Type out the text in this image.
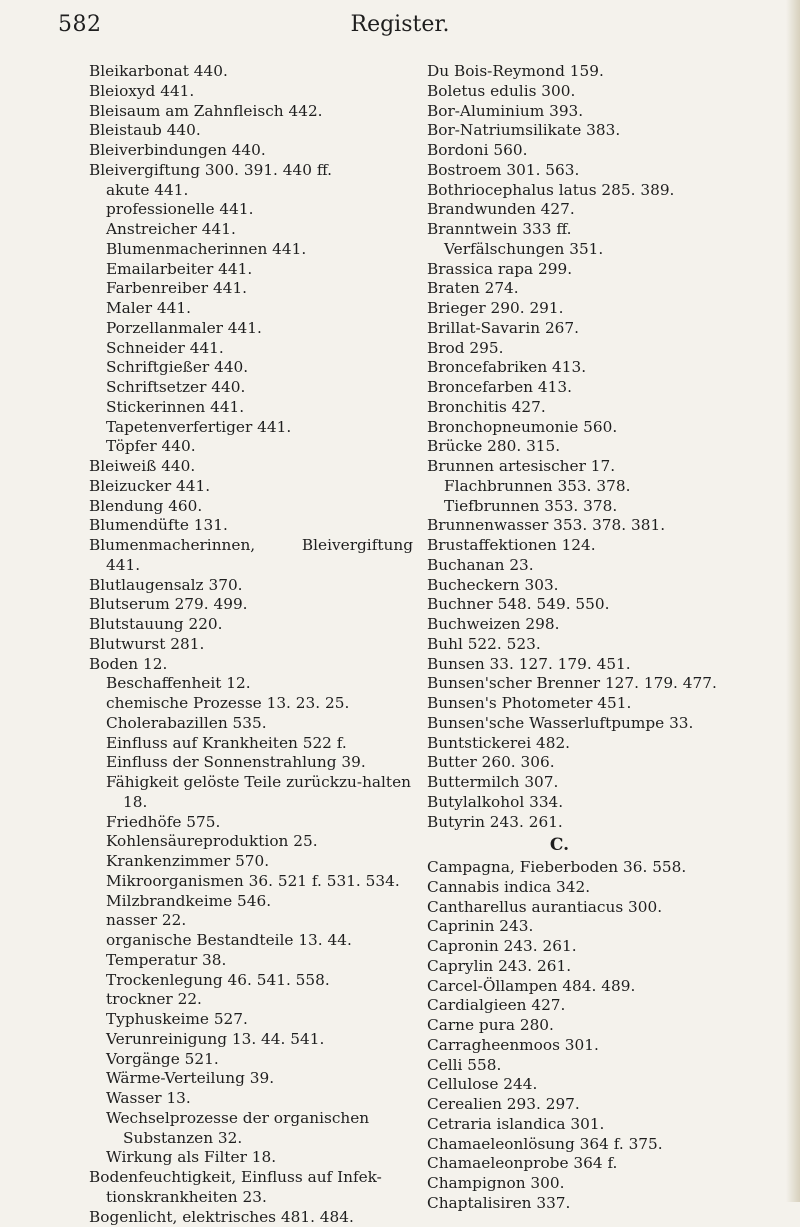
582	Register.
Bleikarbonat 440.
Bleioxyd 441.
Bleisaum am Zahnfleisch 442.
Bleistaub 440.
Bleiverbindungen 440.
Bleivergiftung 300. 391. 440 ff.
akute 441.
professionelle 441.
Anstreicher 441.
Blumenmacherinnen 441.
Emailarbeiter 441.
Farbenreiber 441.
Maler 441.
Porzellanmaler 441.
Schneider 441.
Schriftgießer 440.
Schriftsetzer 440.
Stickerinnen 441.
Tapetenverfertiger 441.
Töpfer 440.
Bleiweiß 440.
Bleizucker 441.
Blendung 460.
Blumendüfte 131.
Blumenmacherinnen,	Bleivergiftung
441.
Blutlaugensalz 370.
Blutserum 279. 499.
Blutstauung 220.
Blutwurst 281.
Boden 12.
Beschaffenheit 12.
chemische Prozesse 13. 23. 25.
Cholerabazillen 535.
Einfluss auf Krankheiten 522 f.
Einfluss der Sonnenstrahlung 39.
Fähigkeit gelöste Teile zurückzu-halten 18.
Friedhöfe 575.
Kohlensäureproduktion 25.
Krankenzimmer 570.
Mikroorganismen 36. 521 f. 531. 534.
Milzbrandkeime 546.
nasser 22.
organische Bestandteile 13. 44.
Temperatur 38.
Trockenlegung 46. 541. 558.
trockner 22.
Typhuskeime 527.
Verunreinigung 13. 44. 541.
Vorgänge 521.
Wärme-Verteilung 39.
Wasser 13.
Wechselprozesse der organischen Substanzen 32.
Wirkung als Filter 18.
Bodenfeuchtigkeit, Einfluss auf Infek-tionskrankheiten 23.
Bogenlicht, elektrisches 481. 484.
Du Bois-Reymond 159.
Boletus edulis 300.
Bor-Aluminium 393.
Bor-Natriumsilikate 383.
Bordoni 560.
Bostroem 301. 563.
Bothriocephalus latus 285. 389.
Brandwunden 427.
Branntwein 333 ff.
Verfälschungen 351.
Brassica rapa 299.
Braten 274.
Brieger 290. 291.
Brillat-Savarin 267.
Brod 295.
Broncefabriken 413.
Broncefarben 413.
Bronchitis 427.
Bronchopneumonie 560.
Brücke 280. 315.
Brunnen artesischer 17.
Flachbrunnen 353. 378.
Tiefbrunnen 353. 378.
Brunnenwasser 353. 378. 381.
Brustaffektionen 124.
Buchanan 23.
Bucheckern 303.
Buchner 548. 549. 550.
Buchweizen 298.
Buhl 522. 523.
Bunsen 33. 127. 179. 451.
Bunsen'scher Brenner 127. 179. 477.
Bunsen's Photometer 451.
Bunsen'sche Wasserluftpumpe 33.
Buntstickerei 482.
Butter 260. 306.
Buttermilch 307.
Butylalkohol 334.
Butyrin 243. 261.
C.
Campagna, Fieberboden 36. 558.
Cannabis indica 342.
Cantharellus aurantiacus 300.
Caprinin 243.
Capronin 243. 261.
Caprylin 243. 261.
Carcel-Öllampen 484. 489.
Cardialgieen 427.
Carne pura 280.
Carragheenmoos 301.
Celli 558.
Cellulose 244.
Cerealien 293. 297.
Cetraria islandica 301.
Chamaeleonlösung 364 f. 375.
Chamaeleonprobe 364 f.
Champignon 300.
Chaptalisiren 337.
